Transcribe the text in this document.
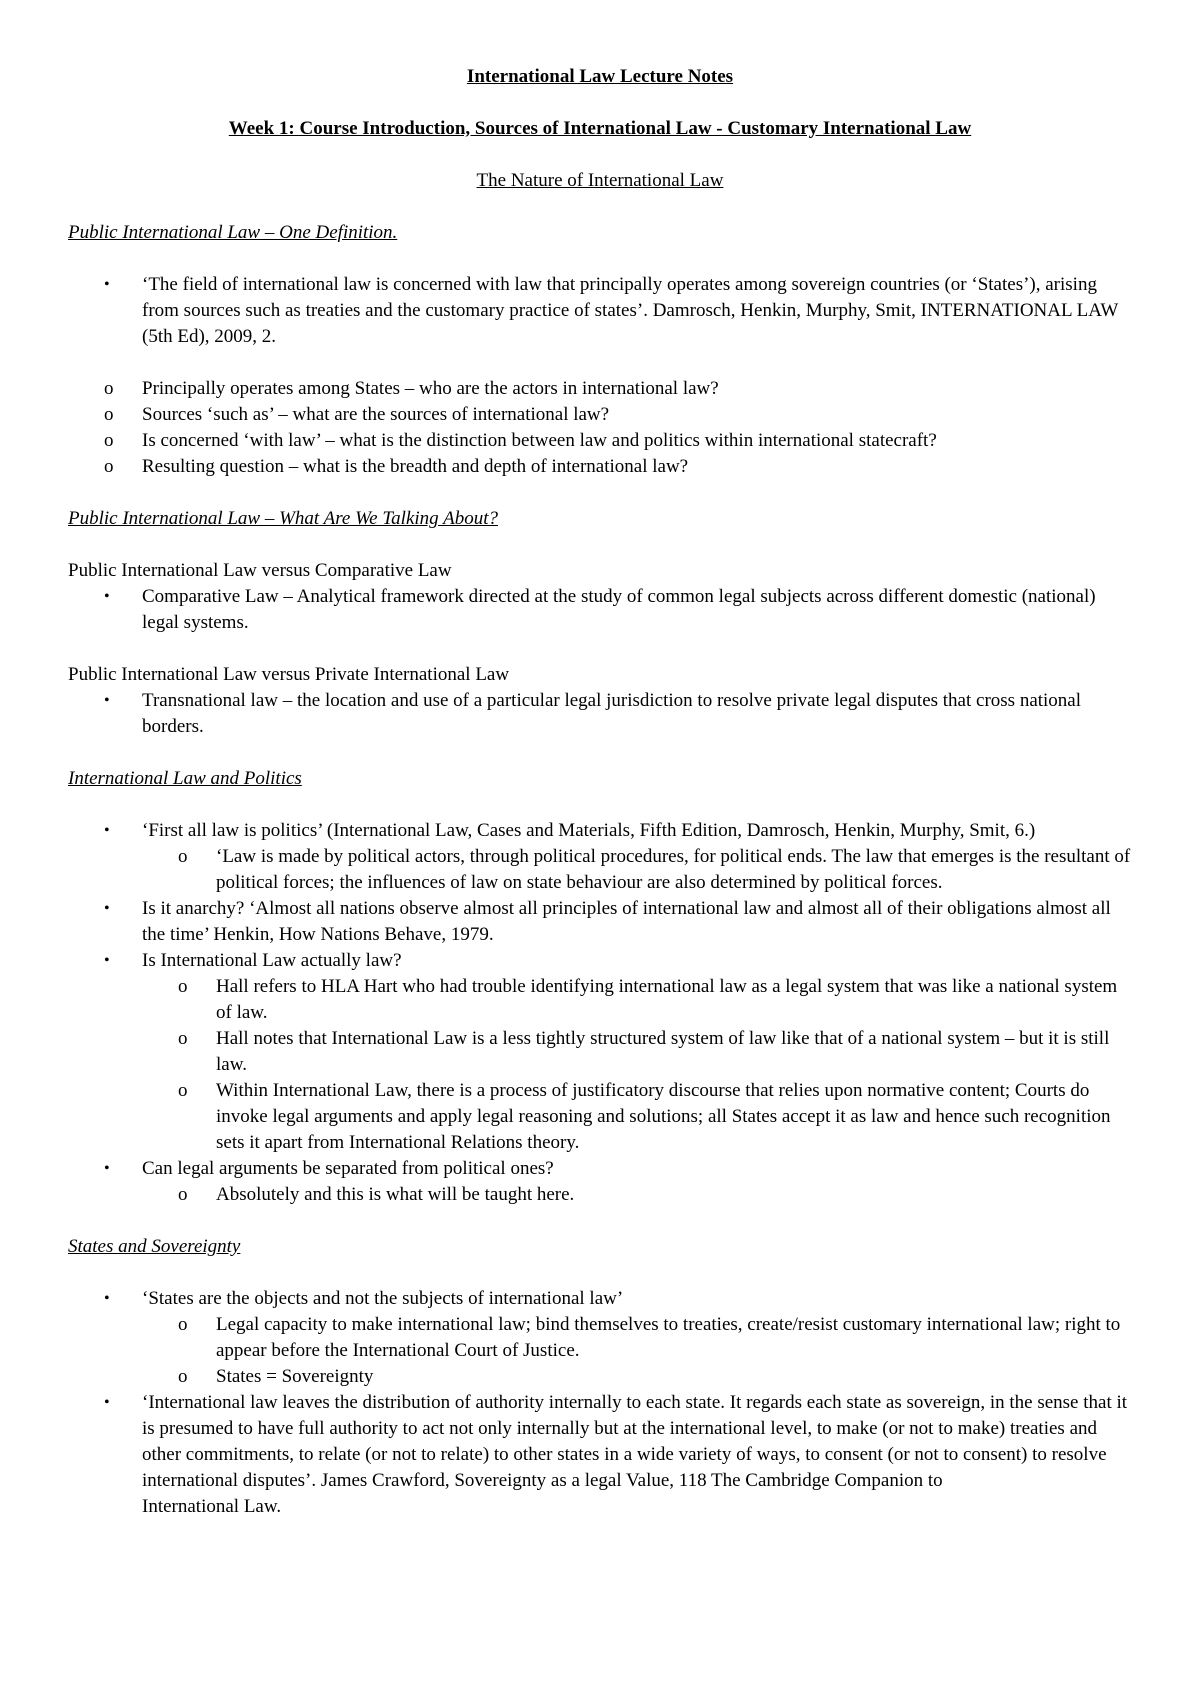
International Law Lecture Notes

Week 1: Course Introduction, Sources of International Law - Customary International Law

The Nature of International Law

Public International Law – One Definition.

• ‘The field of international law is concerned with law that principally operates among sovereign countries (or ‘States’), arising from sources such as treaties and the customary practice of states’. Damrosch, Henkin, Murphy, Smit, INTERNATIONAL LAW (5th Ed), 2009, 2.
o Principally operates among States – who are the actors in international law?
o Sources ‘such as’ – what are the sources of international law?
o Is concerned ‘with law’ – what is the distinction between law and politics within international statecraft?
o Resulting question – what is the breadth and depth of international law?

Public International Law – What Are We Talking About?

Public International Law versus Comparative Law

• Comparative Law – Analytical framework directed at the study of common legal subjects across different domestic (national) legal systems.

Public International Law versus Private International Law

• Transnational law – the location and use of a particular legal jurisdiction to resolve private legal disputes that cross national borders.

International Law and Politics

• ‘First all law is politics’ (International Law, Cases and Materials, Fifth Edition, Damrosch, Henkin, Murphy, Smit, 6.)
o ‘Law is made by political actors, through political procedures, for political ends. The law that emerges is the resultant of political forces; the influences of law on state behaviour are also determined by political forces.
• Is it anarchy? ‘Almost all nations observe almost all principles of international law and almost all of their obligations almost all the time’ Henkin, How Nations Behave, 1979.
• Is International Law actually law?
o Hall refers to HLA Hart who had trouble identifying international law as a legal system that was like a national system of law.
o Hall notes that International Law is a less tightly structured system of law like that of a national system – but it is still law.
o Within International Law, there is a process of justificatory discourse that relies upon normative content; Courts do invoke legal arguments and apply legal reasoning and solutions; all States accept it as law and hence such recognition sets it apart from International Relations theory.
• Can legal arguments be separated from political ones?
o Absolutely and this is what will be taught here.

States and Sovereignty

• ‘States are the objects and not the subjects of international law’
o Legal capacity to make international law; bind themselves to treaties, create/resist customary international law; right to appear before the International Court of Justice.
o States = Sovereignty
• ‘International law leaves the distribution of authority internally to each state. It regards each state as sovereign, in the sense that it is presumed to have full authority to act not only internally but at the international level, to make (or not to make) treaties and other commitments, to relate (or not to relate) to other states in a wide variety of ways, to consent (or not to consent) to resolve international disputes’. James Crawford, Sovereignty as a legal Value, 118 The Cambridge Companion to
International Law.
